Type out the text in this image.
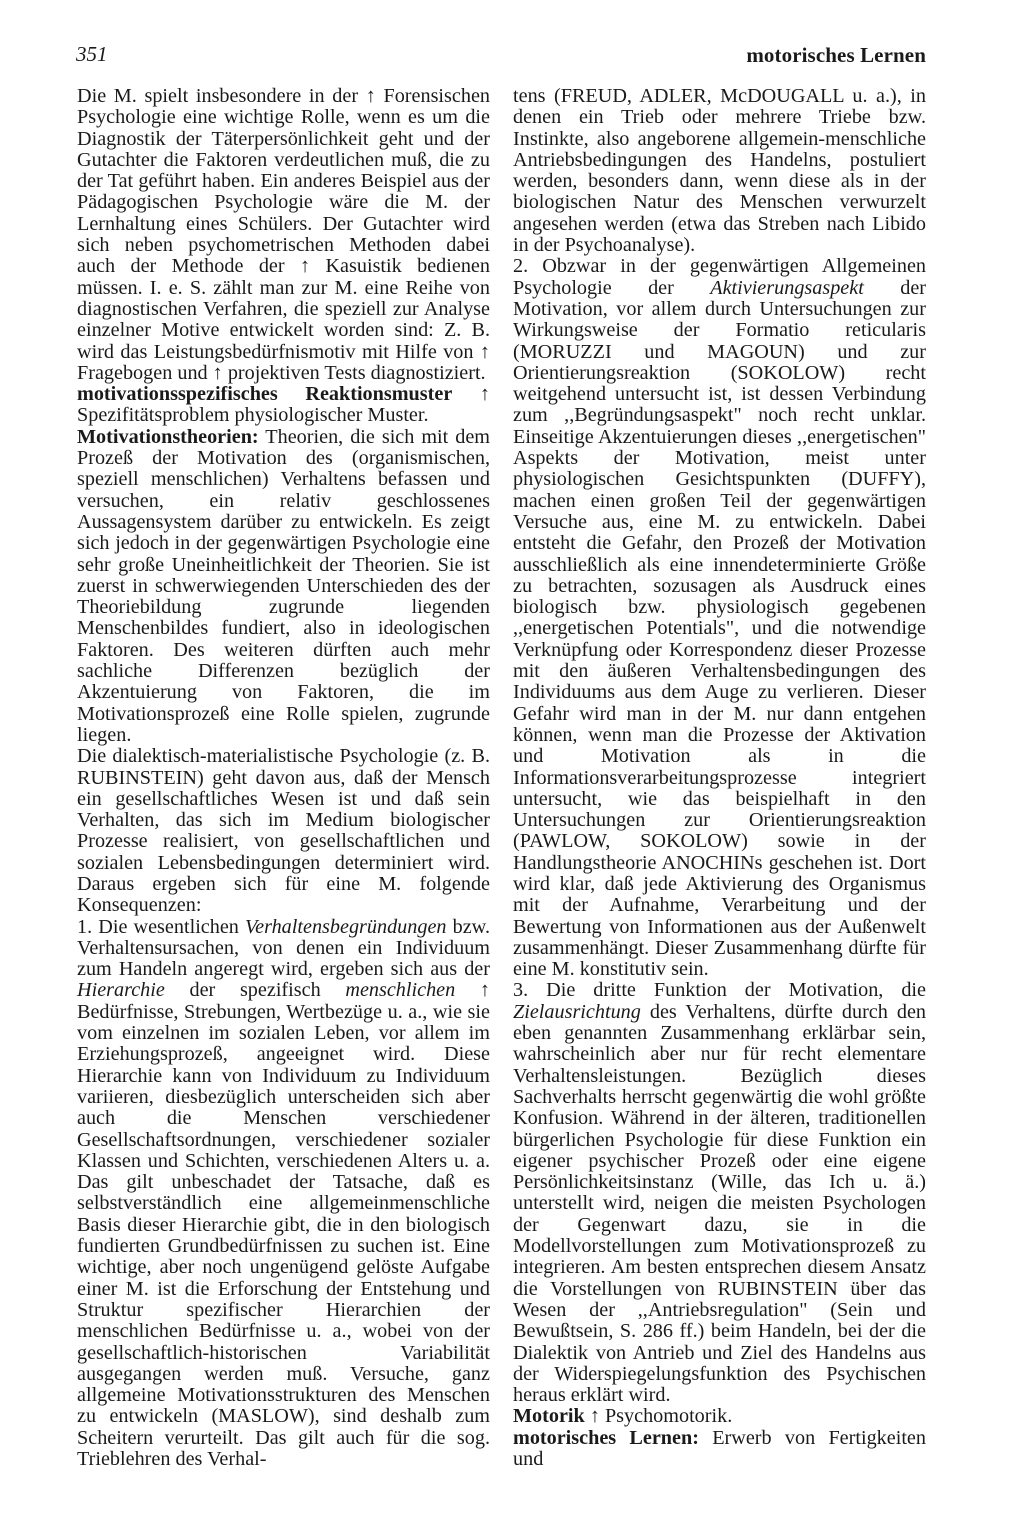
351	motorisches Lernen

Die M. spielt insbesondere in der ↑ Forensischen Psychologie eine wichtige Rolle, wenn es um die Diagnostik der Täterpersönlichkeit geht und der Gutachter die Faktoren verdeutlichen muß, die zu der Tat geführt haben. Ein anderes Beispiel aus der Pädagogischen Psychologie wäre die M. der Lernhaltung eines Schülers. Der Gutachter wird sich neben psychometrischen Methoden dabei auch der Methode der ↑ Kasuistik bedienen müssen. I. e. S. zählt man zur M. eine Reihe von diagnostischen Verfahren, die speziell zur Analyse einzelner Motive entwickelt worden sind: Z. B. wird das Leistungsbedürfnismotiv mit Hilfe von ↑ Fragebogen und ↑ projektiven Tests diagnostiziert.

motivationsspezifisches Reaktionsmuster ↑ Spezifitätsproblem physiologischer Muster.

Motivationstheorien: Theorien, die sich mit dem Prozeß der Motivation des (organismischen, speziell menschlichen) Verhaltens befassen und versuchen, ein relativ geschlossenes Aussagensystem darüber zu entwickeln. Es zeigt sich jedoch in der gegenwärtigen Psychologie eine sehr große Uneinheitlichkeit der Theorien. Sie ist zuerst in schwerwiegenden Unterschieden des der Theoriebildung zugrunde liegenden Menschenbildes fundiert, also in ideologischen Faktoren. Des weiteren dürften auch mehr sachliche Differenzen bezüglich der Akzentuierung von Faktoren, die im Motivationsprozeß eine Rolle spielen, zugrunde liegen.

Die dialektisch-materialistische Psychologie (z. B. RUBINSTEIN) geht davon aus, daß der Mensch ein gesellschaftliches Wesen ist und daß sein Verhalten, das sich im Medium biologischer Prozesse realisiert, von gesellschaftlichen und sozialen Lebensbedingungen determiniert wird. Daraus ergeben sich für eine M. folgende Konsequenzen:

1. Die wesentlichen Verhaltensbegründungen bzw. Verhaltensursachen, von denen ein Individuum zum Handeln angeregt wird, ergeben sich aus der Hierarchie der spezifisch menschlichen ↑ Bedürfnisse, Strebungen, Wertbezüge u. a., wie sie vom einzelnen im sozialen Leben, vor allem im Erziehungsprozeß, angeeignet wird. Diese Hierarchie kann von Individuum zu Individuum variieren, diesbezüglich unterscheiden sich aber auch die Menschen verschiedener Gesellschaftsordnungen, verschiedener sozialer Klassen und Schichten, verschiedenen Alters u. a. Das gilt unbeschadet der Tatsache, daß es selbstverständlich eine allgemeinmenschliche Basis dieser Hierarchie gibt, die in den biologisch fundierten Grundbedürfnissen zu suchen ist. Eine wichtige, aber noch ungenügend gelöste Aufgabe einer M. ist die Erforschung der Entstehung und Struktur spezifischer Hierarchien der menschlichen Bedürfnisse u. a., wobei von der gesellschaftlich-historischen Variabilität ausgegangen werden muß. Versuche, ganz allgemeine Motivationsstrukturen des Menschen zu entwickeln (MASLOW), sind deshalb zum Scheitern verurteilt. Das gilt auch für die sog. Trieblehren des Verhal-

tens (FREUD, ADLER, McDOUGALL u. a.), in denen ein Trieb oder mehrere Triebe bzw. Instinkte, also angeborene allgemein-menschliche Antriebsbedingungen des Handelns, postuliert werden, besonders dann, wenn diese als in der biologischen Natur des Menschen verwurzelt angesehen werden (etwa das Streben nach Libido in der Psychoanalyse).

2. Obzwar in der gegenwärtigen Allgemeinen Psychologie der Aktivierungsaspekt der Motivation, vor allem durch Untersuchungen zur Wirkungsweise der Formatio reticularis (MORUZZI und MAGOUN) und zur Orientierungsreaktion (SOKOLOW) recht weitgehend untersucht ist, ist dessen Verbindung zum ,,Begründungsaspekt" noch recht unklar. Einseitige Akzentuierungen dieses ,,energetischen" Aspekts der Motivation, meist unter physiologischen Gesichtspunkten (DUFFY), machen einen großen Teil der gegenwärtigen Versuche aus, eine M. zu entwickeln. Dabei entsteht die Gefahr, den Prozeß der Motivation ausschließlich als eine innendeterminierte Größe zu betrachten, sozusagen als Ausdruck eines biologisch bzw. physiologisch gegebenen ,,energetischen Potentials", und die notwendige Verknüpfung oder Korrespondenz dieser Prozesse mit den äußeren Verhaltensbedingungen des Individuums aus dem Auge zu verlieren. Dieser Gefahr wird man in der M. nur dann entgehen können, wenn man die Prozesse der Aktivation und Motivation als in die Informationsverarbeitungsprozesse integriert untersucht, wie das beispielhaft in den Untersuchungen zur Orientierungsreaktion (PAWLOW, SOKOLOW) sowie in der Handlungstheorie ANOCHINs geschehen ist. Dort wird klar, daß jede Aktivierung des Organismus mit der Aufnahme, Verarbeitung und der Bewertung von Informationen aus der Außenwelt zusammenhängt. Dieser Zusammenhang dürfte für eine M. konstitutiv sein.

3. Die dritte Funktion der Motivation, die Zielausrichtung des Verhaltens, dürfte durch den eben genannten Zusammenhang erklärbar sein, wahrscheinlich aber nur für recht elementare Verhaltensleistungen. Bezüglich dieses Sachverhalts herrscht gegenwärtig die wohl größte Konfusion. Während in der älteren, traditionellen bürgerlichen Psychologie für diese Funktion ein eigener psychischer Prozeß oder eine eigene Persönlichkeitsinstanz (Wille, das Ich u. ä.) unterstellt wird, neigen die meisten Psychologen der Gegenwart dazu, sie in die Modellvorstellungen zum Motivationsprozeß zu integrieren. Am besten entsprechen diesem Ansatz die Vorstellungen von RUBINSTEIN über das Wesen der ,,Antriebsregulation" (Sein und Bewußtsein, S. 286 ff.) beim Handeln, bei der die Dialektik von Antrieb und Ziel des Handelns aus der Widerspiegelungsfunktion des Psychischen heraus erklärt wird.

Motorik ↑ Psychomotorik.

motorisches Lernen: Erwerb von Fertigkeiten und
